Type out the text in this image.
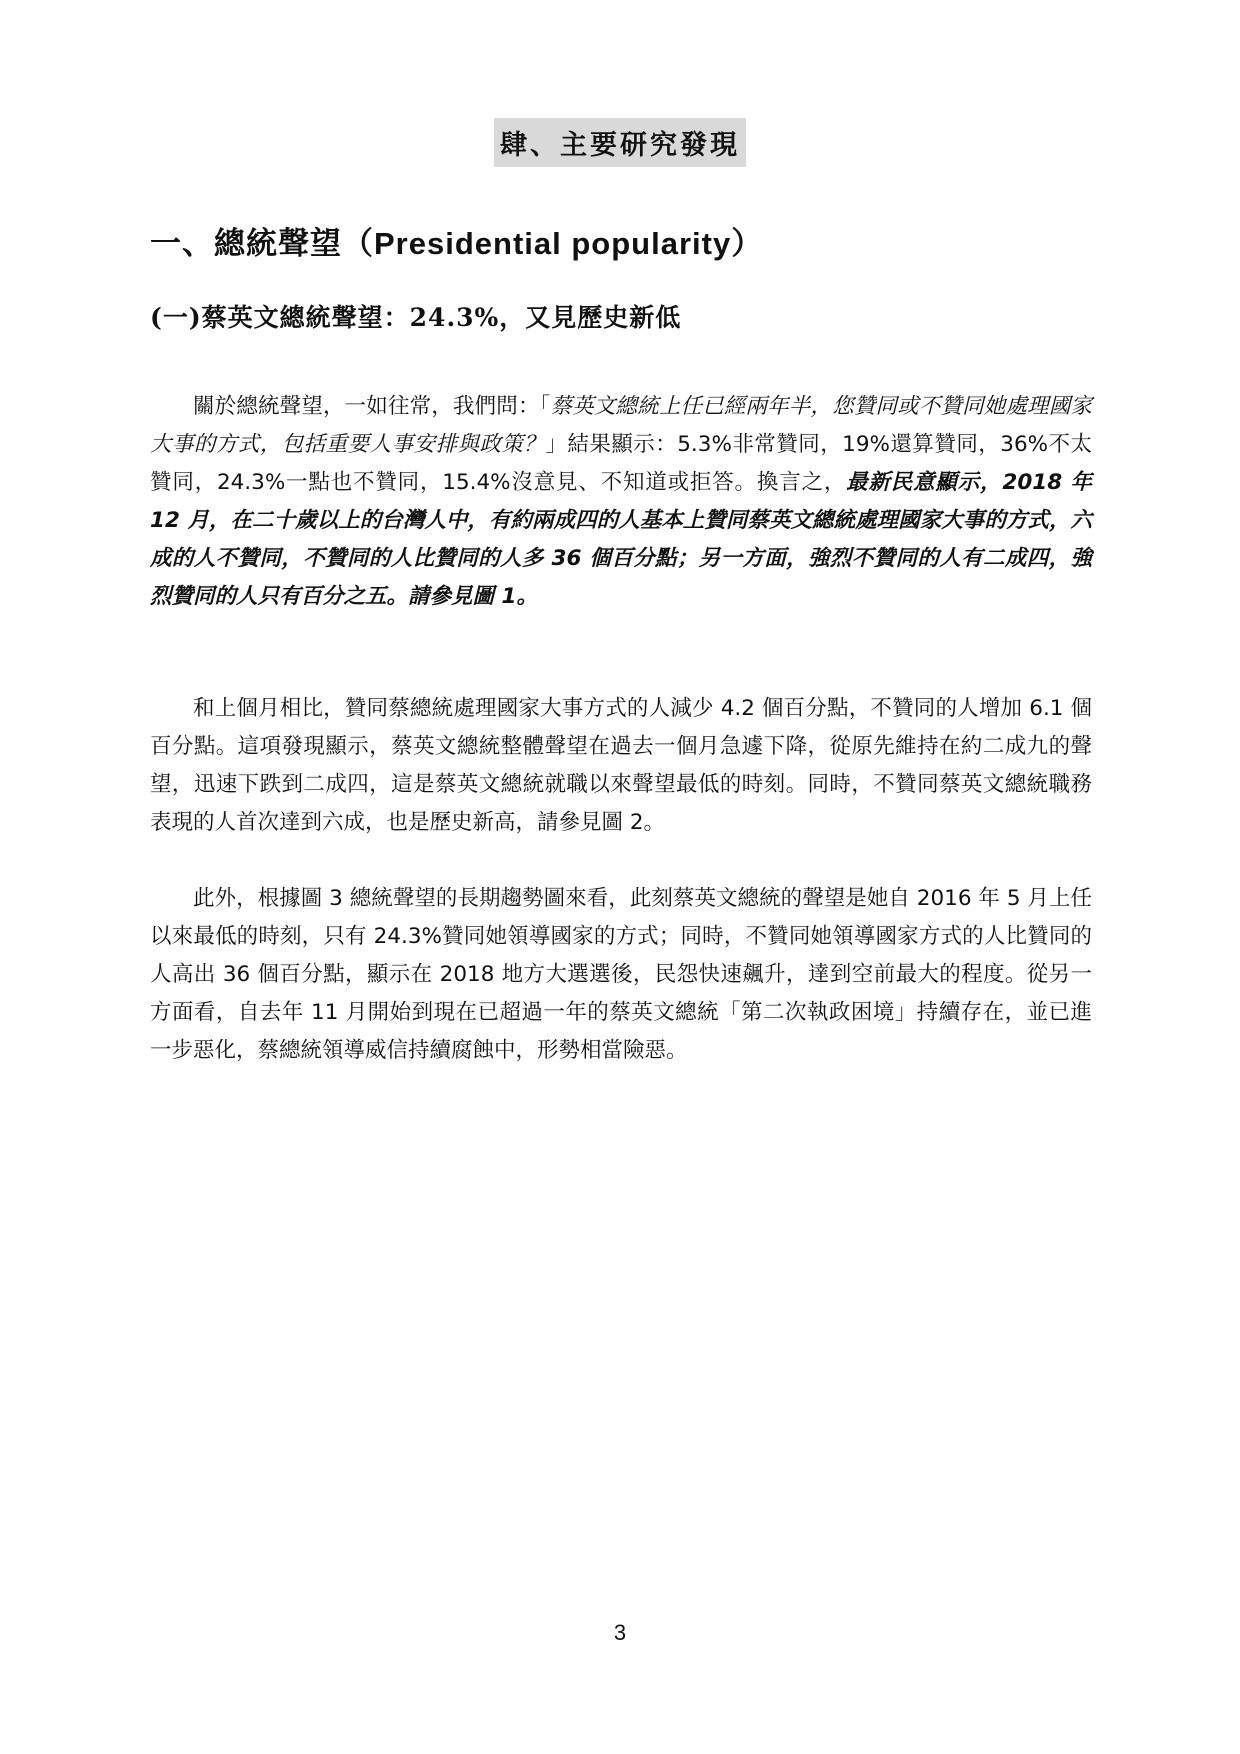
肆、主要研究發現
一、總統聲望（Presidential popularity）
(一)蔡英文總統聲望：24.3%，又見歷史新低

關於總統聲望，一如往常，我們問：「蔡英文總統上任已經兩年半，您贊同或不贊同她處理國家大事的方式，包括重要人事安排與政策？」結果顯示：5.3%非常贊同，19%還算贊同，36%不太贊同，24.3%一點也不贊同，15.4%沒意見、不知道或拒答。換言之，最新民意顯示，2018 年 12 月，在二十歲以上的台灣人中，有約兩成四的人基本上贊同蔡英文總統處理國家大事的方式，六成的人不贊同，不贊同的人比贊同的人多 36 個百分點；另一方面，強烈不贊同的人有二成四，強烈贊同的人只有百分之五。請參見圖 1。

和上個月相比，贊同蔡總統處理國家大事方式的人減少 4.2 個百分點，不贊同的人增加 6.1 個百分點。這項發現顯示，蔡英文總統整體聲望在過去一個月急遽下降，從原先維持在約二成九的聲望，迅速下跌到二成四，這是蔡英文總統就職以來聲望最低的時刻。同時，不贊同蔡英文總統職務表現的人首次達到六成，也是歷史新高，請參見圖 2。

此外，根據圖 3 總統聲望的長期趨勢圖來看，此刻蔡英文總統的聲望是她自 2016 年 5 月上任以來最低的時刻，只有 24.3%贊同她領導國家的方式；同時，不贊同她領導國家方式的人比贊同的人高出 36 個百分點，顯示在 2018 地方大選選後，民怨快速飆升，達到空前最大的程度。從另一方面看，自去年 11 月開始到現在已超過一年的蔡英文總統「第二次執政困境」持續存在，並已進一步惡化，蔡總統領導威信持續腐蝕中，形勢相當險惡。

3
